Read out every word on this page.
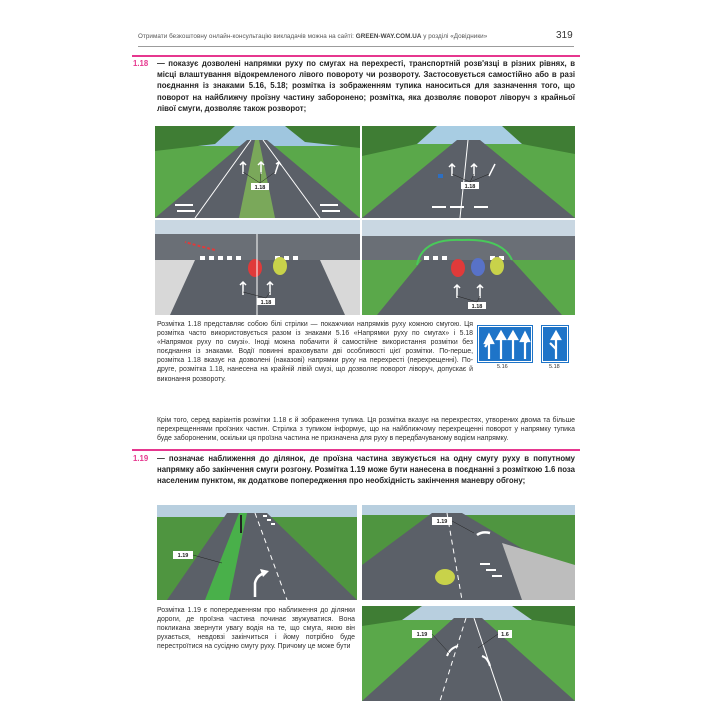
Отримати безкоштовну онлайн-консультацію викладачів можна на сайті: GREEN-WAY.COM.UA у розділі «Довідники»	319
1.18 — показує дозволені напрямки руху по смугах на перехресті, транспортній розв'язці в різних рівнях, в місці влаштування відокремленого лівого повороту чи розвороту. Застосовується самостійно або в разі поєднання із знаками 5.16, 5.18; розмітка із зображенням тупика наноситься для зазначення того, що поворот на найближчу проїзну частину заборонено; розмітка, яка дозволяє поворот ліворуч з крайньої лівої смуги, дозволяє також розворот;
1.18	1.18
1.18
1.18

Розмітка 1.18 представляє собою білі стрілки — покажчики напрямків руху кожною смугою. Ця розмітка часто використовується разом із знаками 5.16 «Напрямки руху по смугах» і 5.18 «Напрямок руху по смузі». Іноді можна побачити й самостійне використання розмітки без поєднання із знаками. Водії повинні враховувати дві особливості цієї розмітки. По-перше, розмітка 1.18 вказує на дозволені (наказові) напрямки руху на перехресті (перехрещенні). По-друге, розмітка 1.18, нанесена на крайній лівій смузі, що дозволяє поворот ліворуч, допускає й виконання розвороту.

Крім того, серед варіантів розмітки 1.18 є й зображення тупика. Ця розмітка вказує на перехрестях, утворених двома та більше перехрещеннями проїзних частин. Стрілка з тупиком інформує, що на найближчому перехрещенні поворот у напрямку тупика буде забороненим, оскільки ця проїзна частина не призначена для руху в передбачуваному водієм напрямку.

5.16	5.18
1.19 — позначає наближення до ділянок, де проїзна частина звужується на одну смугу руху в попутному напрямку або закінчення смуги розгону. Розмітка 1.19 може бути нанесена в поєднанні з розміткою 1.6 поза населеним пунктом, як додаткове попередження про необхідність закінчення маневру обгону;
1.19
1.19
1.19	1.6

Розмітка 1.19 є попередженням про наближення до ділянки дороги, де проїзна частина починає звужуватися. Вона покликана звернути увагу водія на те, що смуга, якою він рухається, невдовзі закінчиться і йому потрібно буде перестроїтися на сусідню смугу руху. Причому це може бути
